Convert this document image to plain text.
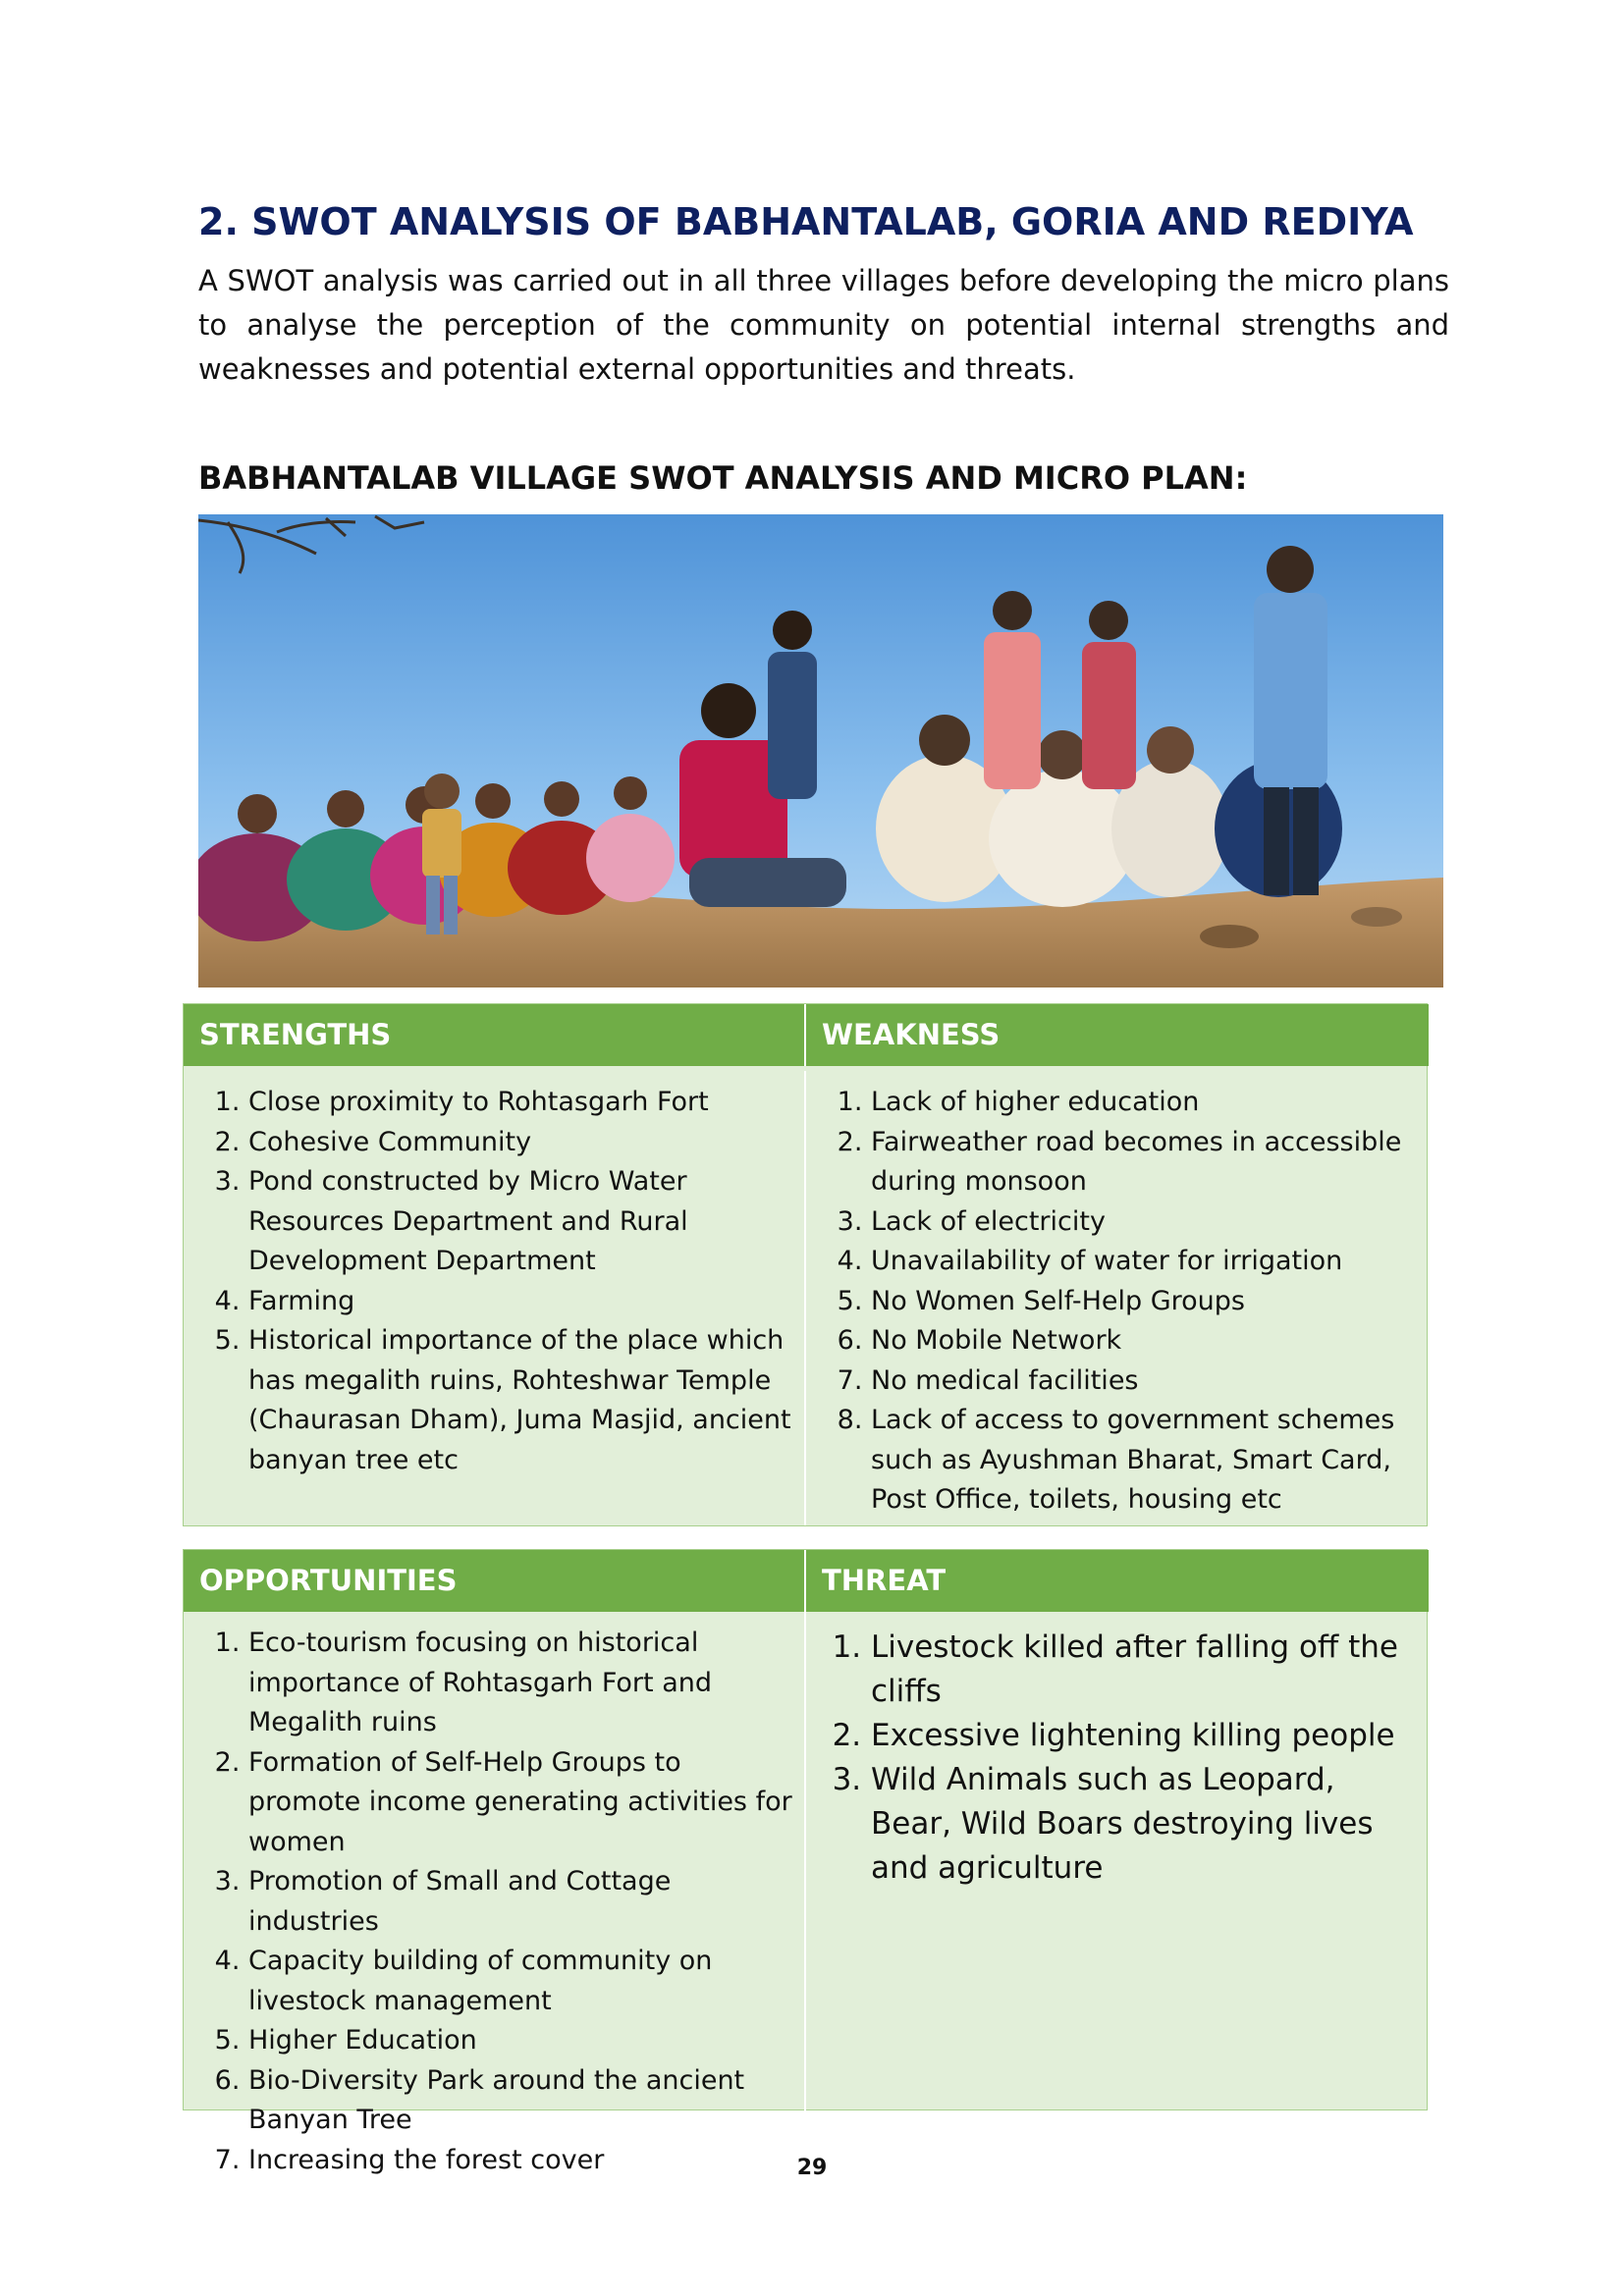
2. SWOT ANALYSIS OF BABHANTALAB, GORIA AND REDIYA

A SWOT analysis was carried out in all three villages before developing the micro plans to analyse the perception of the community on potential internal strengths and weaknesses and potential external opportunities and threats.

BABHANTALAB VILLAGE SWOT ANALYSIS AND MICRO PLAN:
STRENGTHS	WEAKNESS
1. Close proximity to Rohtasgarh Fort
2. Cohesive Community
3. Pond constructed by Micro Water Resources Department and Rural Development Department
4. Farming
5. Historical importance of the place which has megalith ruins, Rohteshwar Temple (Chaurasan Dham), Juma Masjid, ancient banyan tree etc
1. Lack of higher education
2. Fairweather road becomes in accessible during monsoon
3. Lack of electricity
4. Unavailability of water for irrigation
5. No Women Self-Help Groups
6. No Mobile Network
7. No medical facilities
8. Lack of access to government schemes such as Ayushman Bharat, Smart Card, Post Office, toilets, housing etc
OPPORTUNITIES	THREAT
1. Eco-tourism focusing on historical importance of Rohtasgarh Fort and Megalith ruins
2. Formation of Self-Help Groups to promote income generating activities for women
3. Promotion of Small and Cottage industries
4. Capacity building of community on livestock management
5. Higher Education
6. Bio-Diversity Park around the ancient Banyan Tree
7. Increasing the forest cover
1. Livestock killed after falling off the cliffs
2. Excessive lightening killing people
3. Wild Animals such as Leopard, Bear, Wild Boars destroying lives and agriculture
29
